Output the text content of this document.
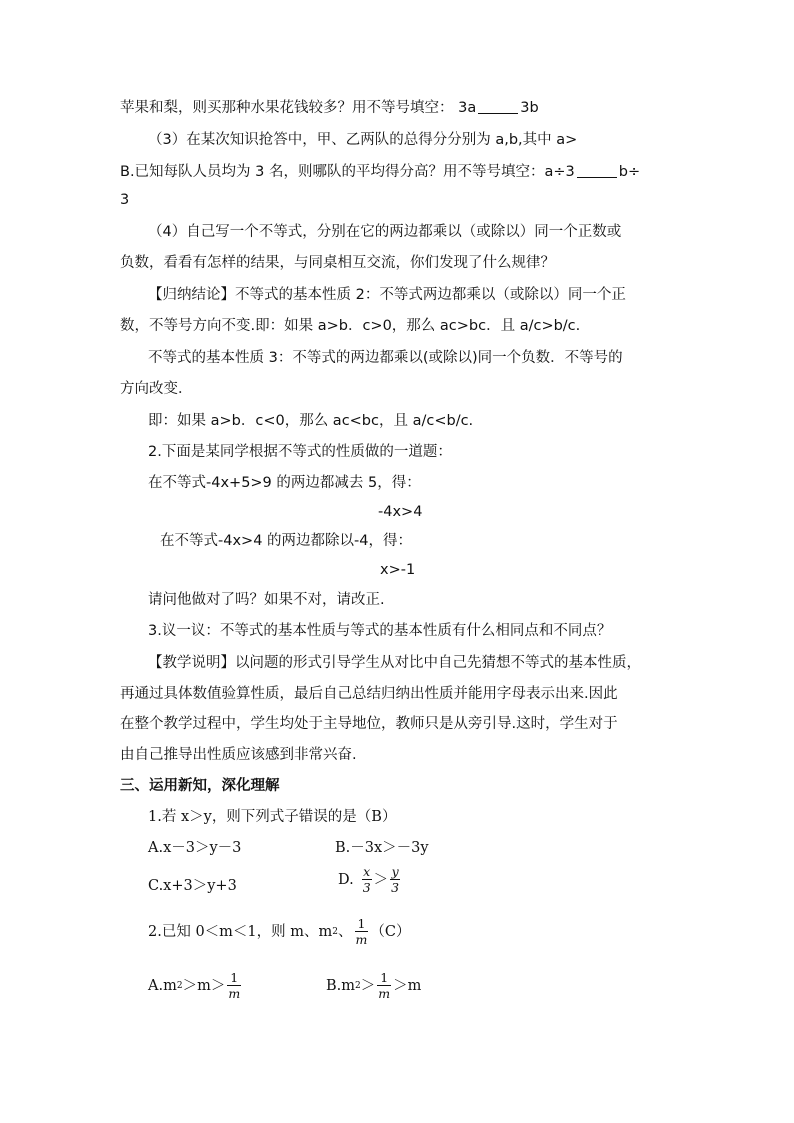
苹果和梨，则买那种水果花钱较多？用不等号填空： 3a	3b
（3）在某次知识抢答中，甲、乙两队的总得分分别为 a,b,其中 a>
B.已知每队人员均为 3 名，则哪队的平均得分高？用不等号填空：a÷3	b÷
3
（4）自己写一个不等式，分别在它的两边都乘以（或除以）同一个正数或
负数，看看有怎样的结果，与同桌相互交流，你们发现了什么规律？
【归纳结论】不等式的基本性质 2：不等式两边都乘以（或除以）同一个正
数，不等号方向不变.即：如果 a>b．c>0，那么 ac>bc．且 a/c>b/c.
不等式的基本性质 3：不等式的两边都乘以(或除以)同一个负数．不等号的
方向改变．
即：如果 a>b．c<0，那么 ac<bc，且 a/c<b/c.
2.下面是某同学根据不等式的性质做的一道题：
在不等式-4x+5>9 的两边都减去 5，得：
-4x>4
在不等式-4x>4 的两边都除以-4，得：
x>-1
请问他做对了吗？如果不对，请改正.
3.议一议：不等式的基本性质与等式的基本性质有什么相同点和不同点？
【教学说明】以问题的形式引导学生从对比中自己先猜想不等式的基本性质，
再通过具体数值验算性质，最后自己总结归纳出性质并能用字母表示出来.因此
在整个教学过程中，学生均处于主导地位，教师只是从旁引导.这时，学生对于
由自己推导出性质应该感到非常兴奋.
三、运用新知，深化理解
1.若 x＞y，则下列式子错误的是（B）
A.x－3＞y－3	B.－3x＞－3y
C.x+3＞y+3	D. $\frac{x}{3} > \frac{y}{3}$
2.已知 0＜m＜1，则 m、m 2 、 $\frac{1}{m} (C)$
A.m $2 >m> \frac{1}{m}$	B.m $2 > \frac{1}{m} >m$
